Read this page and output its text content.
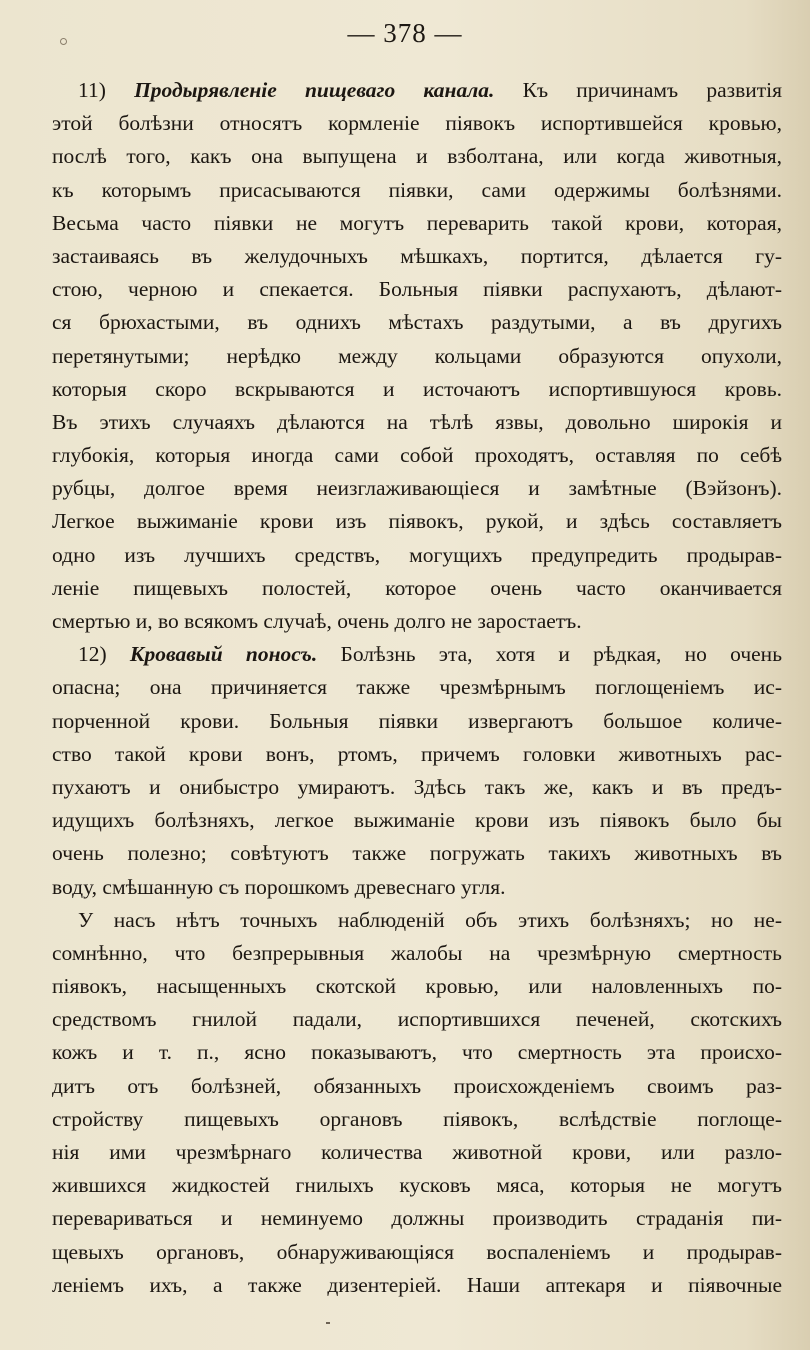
— 378 —
11) Продырявленіе пищеваго канала. Къ причинамъ развитія
этой болѣзни относятъ кормленіе піявокъ испортившейся кровью,
послѣ того, какъ она выпущена и взболтана, или когда животныя,
къ которымъ присасываются піявки, сами одержимы болѣзнями.
Весьма часто піявки не могутъ переварить такой крови, которая,
застаиваясь въ желудочныхъ мѣшкахъ, портится, дѣлается гу-
стою, черною и спекается. Больныя піявки распухаютъ, дѣлают-
ся брюхастыми, въ однихъ мѣстахъ раздутыми, а въ другихъ
перетянутыми; нерѣдко между кольцами образуются опухоли,
которыя скоро вскрываются и источаютъ испортившуюся кровь.
Въ этихъ случаяхъ дѣлаются на тѣлѣ язвы, довольно широкія и
глубокія, которыя иногда сами собой проходятъ, оставляя по себѣ
рубцы, долгое время неизглаживающіеся и замѣтные (Вэйзонъ).
Легкое выжиманіе крови изъ піявокъ, рукой, и здѣсь составляетъ
одно изъ лучшихъ средствъ, могущихъ предупредить продырав-
леніе пищевыхъ полостей, которое очень часто оканчивается
смертью и, во всякомъ случаѣ, очень долго не заростаетъ.
12) Кровавый поносъ. Болѣзнь эта, хотя и рѣдкая, но очень
опасна; она причиняется также чрезмѣрнымъ поглощеніемъ ис-
порченной крови. Больныя піявки извергаютъ большое количе-
ство такой крови вонъ, ртомъ, причемъ головки животныхъ рас-
пухаютъ и онибыстро умираютъ. Здѣсь такъ же, какъ и въ предъ-
идущихъ болѣзняхъ, легкое выжиманіе крови изъ піявокъ было бы
очень полезно; совѣтуютъ также погружать такихъ животныхъ въ
воду, смѣшанную съ порошкомъ древеснаго угля.
У насъ нѣтъ точныхъ наблюденій объ этихъ болѣзняхъ; но не-
сомнѣнно, что безпрерывныя жалобы на чрезмѣрную смертность
піявокъ, насыщенныхъ скотской кровью, или наловленныхъ по-
средствомъ гнилой падали, испортившихся печеней, скотскихъ
кожъ и т. п., ясно показываютъ, что смертность эта происхо-
дитъ отъ болѣзней, обязанныхъ происхожденіемъ своимъ раз-
стройству пищевыхъ органовъ піявокъ, вслѣдствіе поглоще-
нія ими чрезмѣрнаго количества животной крови, или разло-
жившихся жидкостей гнилыхъ кусковъ мяса, которыя не могутъ
перевариваться и неминуемо должны производить страданія пи-
щевыхъ органовъ, обнаруживающіяся воспаленіемъ и продырав-
леніемъ ихъ, а также дизентеріей. Наши аптекаря и піявочные
